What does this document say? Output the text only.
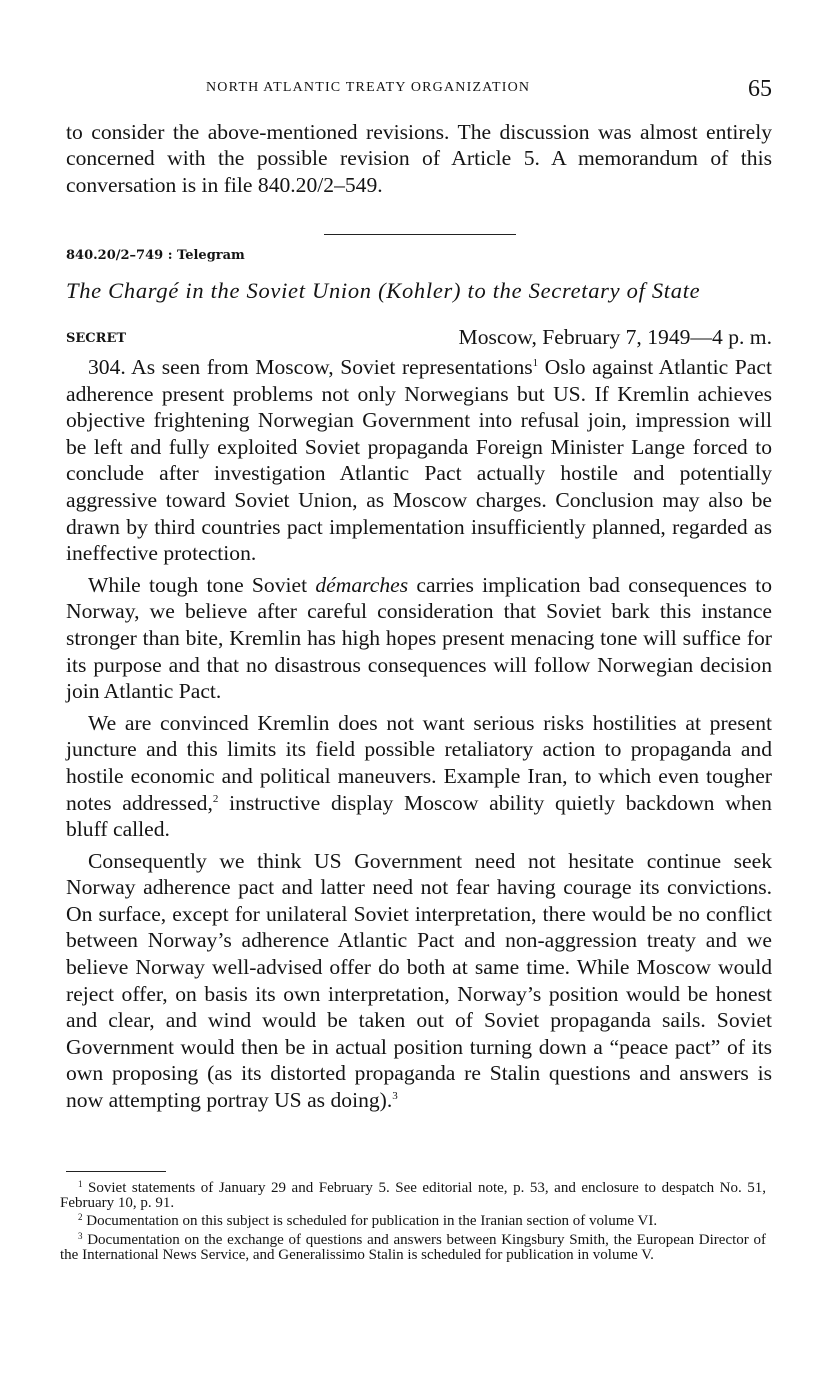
NORTH ATLANTIC TREATY ORGANIZATION	65

to consider the above-mentioned revisions. The discussion was almost entirely concerned with the possible revision of Article 5. A memorandum of this conversation is in file 840.20/2–549.

840.20/2–749 : Telegram
The Chargé in the Soviet Union (Kohler) to the Secretary of State
SECRET	Moscow, February 7, 1949—4 p. m.

304. As seen from Moscow, Soviet representations$^1$ Oslo against Atlantic Pact adherence present problems not only Norwegians but US. If Kremlin achieves objective frightening Norwegian Government into refusal join, impression will be left and fully exploited Soviet propaganda Foreign Minister Lange forced to conclude after investigation Atlantic Pact actually hostile and potentially aggressive toward Soviet Union, as Moscow charges. Conclusion may also be drawn by third countries pact implementation insufficiently planned, regarded as ineffective protection.

While tough tone Soviet démarches carries implication bad consequences to Norway, we believe after careful consideration that Soviet bark this instance stronger than bite, Kremlin has high hopes present menacing tone will suffice for its purpose and that no disastrous consequences will follow Norwegian decision join Atlantic Pact.

We are convinced Kremlin does not want serious risks hostilities at present juncture and this limits its field possible retaliatory action to propaganda and hostile economic and political maneuvers. Example Iran, to which even tougher notes addressed,$^2$ instructive display Moscow ability quietly backdown when bluff called.

Consequently we think US Government need not hesitate continue seek Norway adherence pact and latter need not fear having courage its convictions. On surface, except for unilateral Soviet interpretation, there would be no conflict between Norway’s adherence Atlantic Pact and non-aggression treaty and we believe Norway well-advised offer do both at same time. While Moscow would reject offer, on basis its own interpretation, Norway’s position would be honest and clear, and wind would be taken out of Soviet propaganda sails. Soviet Government would then be in actual position turning down a “peace pact” of its own proposing (as its distorted propaganda re Stalin questions and answers is now attempting portray US as doing).$^3$

$^1$ Soviet statements of January 29 and February 5. See editorial note, p. 53, and enclosure to despatch No. 51, February 10, p. 91.

$^2$ Documentation on this subject is scheduled for publication in the Iranian section of volume VI.

$^3$ Documentation on the exchange of questions and answers between Kingsbury Smith, the European Director of the International News Service, and Generalissimo Stalin is scheduled for publication in volume V.
